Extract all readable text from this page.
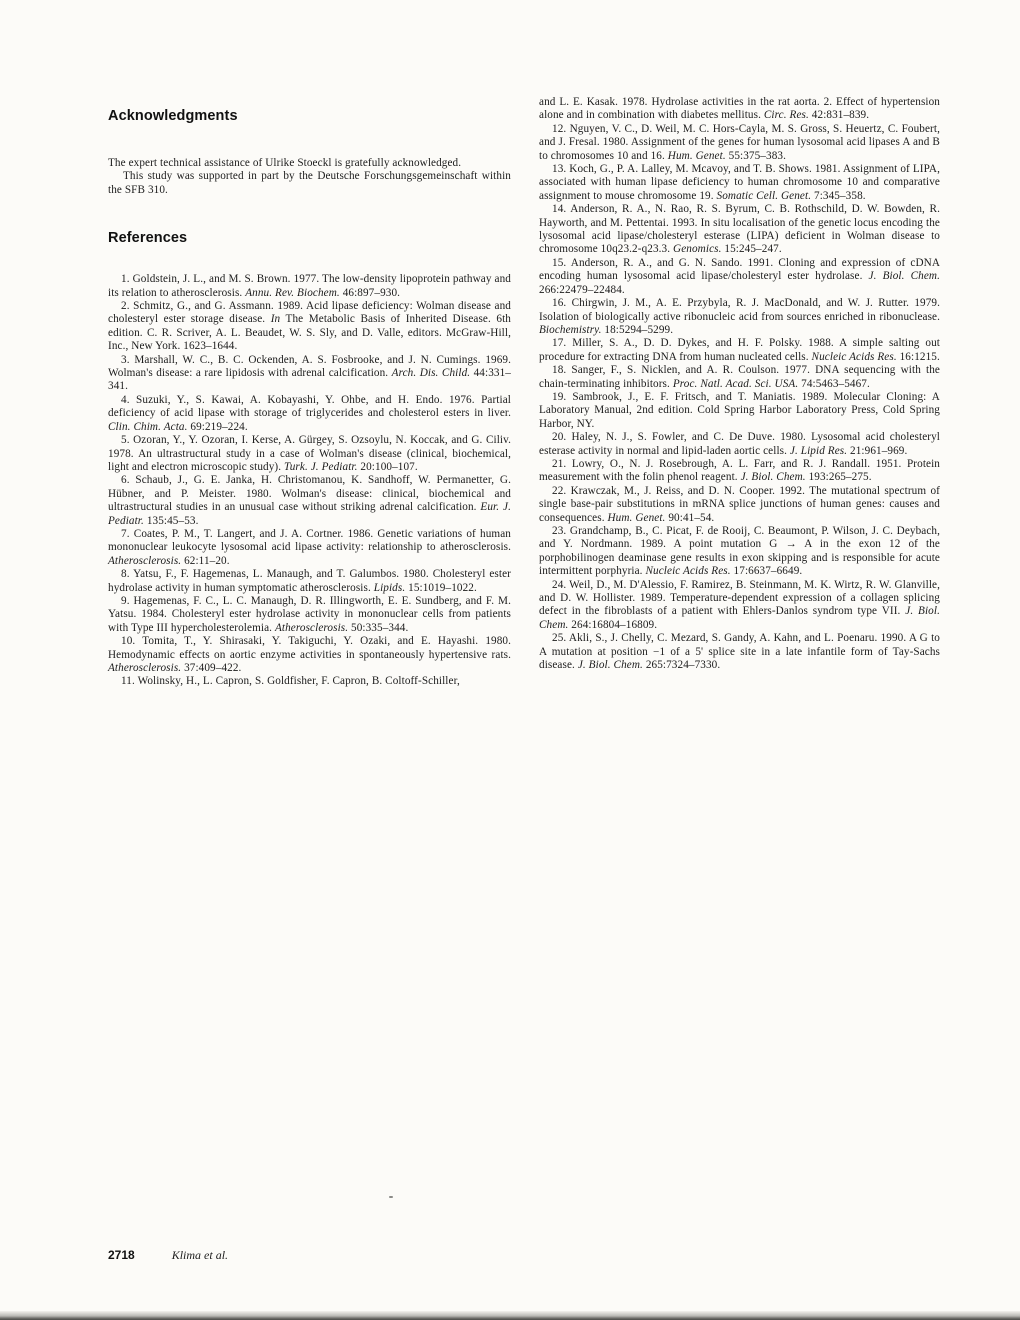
Acknowledgments

The expert technical assistance of Ulrike Stoeckl is gratefully acknowledged.

This study was supported in part by the Deutsche Forschungsgemeinschaft within the SFB 310.

References

1. Goldstein, J. L., and M. S. Brown. 1977. The low-density lipoprotein pathway and its relation to atherosclerosis. Annu. Rev. Biochem. 46:897–930.

2. Schmitz, G., and G. Assmann. 1989. Acid lipase deficiency: Wolman disease and cholesteryl ester storage disease. In The Metabolic Basis of Inherited Disease. 6th edition. C. R. Scriver, A. L. Beaudet, W. S. Sly, and D. Valle, editors. McGraw-Hill, Inc., New York. 1623–1644.

3. Marshall, W. C., B. C. Ockenden, A. S. Fosbrooke, and J. N. Cumings. 1969. Wolman's disease: a rare lipidosis with adrenal calcification. Arch. Dis. Child. 44:331–341.

4. Suzuki, Y., S. Kawai, A. Kobayashi, Y. Ohbe, and H. Endo. 1976. Partial deficiency of acid lipase with storage of triglycerides and cholesterol esters in liver. Clin. Chim. Acta. 69:219–224.

5. Ozoran, Y., Y. Ozoran, I. Kerse, A. Gürgey, S. Ozsoylu, N. Koccak, and G. Ciliv. 1978. An ultrastructural study in a case of Wolman's disease (clinical, biochemical, light and electron microscopic study). Turk. J. Pediatr. 20:100–107.

6. Schaub, J., G. E. Janka, H. Christomanou, K. Sandhoff, W. Permanetter, G. Hübner, and P. Meister. 1980. Wolman's disease: clinical, biochemical and ultrastructural studies in an unusual case without striking adrenal calcification. Eur. J. Pediatr. 135:45–53.

7. Coates, P. M., T. Langert, and J. A. Cortner. 1986. Genetic variations of human mononuclear leukocyte lysosomal acid lipase activity: relationship to atherosclerosis. Atherosclerosis. 62:11–20.

8. Yatsu, F., F. Hagemenas, L. Manaugh, and T. Galumbos. 1980. Cholesteryl ester hydrolase activity in human symptomatic atherosclerosis. Lipids. 15:1019–1022.

9. Hagemenas, F. C., L. C. Manaugh, D. R. Illingworth, E. E. Sundberg, and F. M. Yatsu. 1984. Cholesteryl ester hydrolase activity in mononuclear cells from patients with Type III hypercholesterolemia. Atherosclerosis. 50:335–344.

10. Tomita, T., Y. Shirasaki, Y. Takiguchi, Y. Ozaki, and E. Hayashi. 1980. Hemodynamic effects on aortic enzyme activities in spontaneously hypertensive rats. Atherosclerosis. 37:409–422.

11. Wolinsky, H., L. Capron, S. Goldfisher, F. Capron, B. Coltoff-Schiller,

and L. E. Kasak. 1978. Hydrolase activities in the rat aorta. 2. Effect of hypertension alone and in combination with diabetes mellitus. Circ. Res. 42:831–839.

12. Nguyen, V. C., D. Weil, M. C. Hors-Cayla, M. S. Gross, S. Heuertz, C. Foubert, and J. Fresal. 1980. Assignment of the genes for human lysosomal acid lipases A and B to chromosomes 10 and 16. Hum. Genet. 55:375–383.

13. Koch, G., P. A. Lalley, M. Mcavoy, and T. B. Shows. 1981. Assignment of LIPA, associated with human lipase deficiency to human chromosome 10 and comparative assignment to mouse chromosome 19. Somatic Cell. Genet. 7:345–358.

14. Anderson, R. A., N. Rao, R. S. Byrum, C. B. Rothschild, D. W. Bowden, R. Hayworth, and M. Pettentai. 1993. In situ localisation of the genetic locus encoding the lysosomal acid lipase/cholesteryl esterase (LIPA) deficient in Wolman disease to chromosome 10q23.2-q23.3. Genomics. 15:245–247.

15. Anderson, R. A., and G. N. Sando. 1991. Cloning and expression of cDNA encoding human lysosomal acid lipase/cholesteryl ester hydrolase. J. Biol. Chem. 266:22479–22484.

16. Chirgwin, J. M., A. E. Przybyla, R. J. MacDonald, and W. J. Rutter. 1979. Isolation of biologically active ribonucleic acid from sources enriched in ribonuclease. Biochemistry. 18:5294–5299.

17. Miller, S. A., D. D. Dykes, and H. F. Polsky. 1988. A simple salting out procedure for extracting DNA from human nucleated cells. Nucleic Acids Res. 16:1215.

18. Sanger, F., S. Nicklen, and A. R. Coulson. 1977. DNA sequencing with the chain-terminating inhibitors. Proc. Natl. Acad. Sci. USA. 74:5463–5467.

19. Sambrook, J., E. F. Fritsch, and T. Maniatis. 1989. Molecular Cloning: A Laboratory Manual, 2nd edition. Cold Spring Harbor Laboratory Press, Cold Spring Harbor, NY.

20. Haley, N. J., S. Fowler, and C. De Duve. 1980. Lysosomal acid cholesteryl esterase activity in normal and lipid-laden aortic cells. J. Lipid Res. 21:961–969.

21. Lowry, O., N. J. Rosebrough, A. L. Farr, and R. J. Randall. 1951. Protein measurement with the folin phenol reagent. J. Biol. Chem. 193:265–275.

22. Krawczak, M., J. Reiss, and D. N. Cooper. 1992. The mutational spectrum of single base-pair substitutions in mRNA splice junctions of human genes: causes and consequences. Hum. Genet. 90:41–54.

23. Grandchamp, B., C. Picat, F. de Rooij, C. Beaumont, P. Wilson, J. C. Deybach, and Y. Nordmann. 1989. A point mutation G → A in the exon 12 of the porphobilinogen deaminase gene results in exon skipping and is responsible for acute intermittent porphyria. Nucleic Acids Res. 17:6637–6649.

24. Weil, D., M. D'Alessio, F. Ramirez, B. Steinmann, M. K. Wirtz, R. W. Glanville, and D. W. Hollister. 1989. Temperature-dependent expression of a collagen splicing defect in the fibroblasts of a patient with Ehlers-Danlos syndrom type VII. J. Biol. Chem. 264:16804–16809.

25. Akli, S., J. Chelly, C. Mezard, S. Gandy, A. Kahn, and L. Poenaru. 1990. A G to A mutation at position −1 of a 5' splice site in a late infantile form of Tay-Sachs disease. J. Biol. Chem. 265:7324–7330.

2718	Klima et al.
